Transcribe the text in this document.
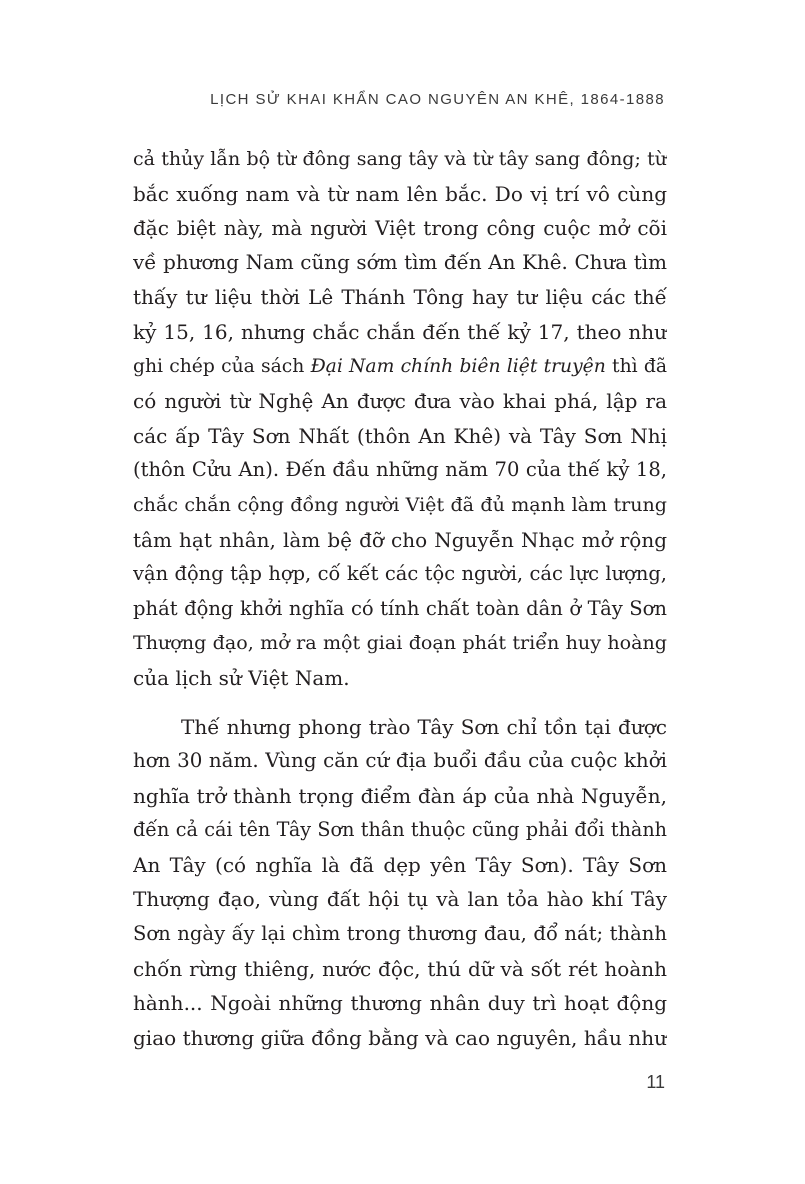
LỊCH SỬ KHAI KHẨN CAO NGUYÊN AN KHÊ, 1864-1888
cả thủy lẫn bộ từ đông sang tây và từ tây sang đông; từ
bắc xuống nam và từ nam lên bắc. Do vị trí vô cùng
đặc biệt này, mà người Việt trong công cuộc mở cõi
về phương Nam cũng sớm tìm đến An Khê. Chưa tìm
thấy tư liệu thời Lê Thánh Tông hay tư liệu các thế
kỷ 15, 16, nhưng chắc chắn đến thế kỷ 17, theo như
ghi chép của sách Đại Nam chính biên liệt truyện thì đã
có người từ Nghệ An được đưa vào khai phá, lập ra
các ấp Tây Sơn Nhất (thôn An Khê) và Tây Sơn Nhị
(thôn Cửu An). Đến đầu những năm 70 của thế kỷ 18,
chắc chắn cộng đồng người Việt đã đủ mạnh làm trung
tâm hạt nhân, làm bệ đỡ cho Nguyễn Nhạc mở rộng
vận động tập hợp, cố kết các tộc người, các lực lượng,
phát động khởi nghĩa có tính chất toàn dân ở Tây Sơn
Thượng đạo, mở ra một giai đoạn phát triển huy hoàng
của lịch sử Việt Nam.
Thế nhưng phong trào Tây Sơn chỉ tồn tại được
hơn 30 năm. Vùng căn cứ địa buổi đầu của cuộc khởi
nghĩa trở thành trọng điểm đàn áp của nhà Nguyễn,
đến cả cái tên Tây Sơn thân thuộc cũng phải đổi thành
An Tây (có nghĩa là đã dẹp yên Tây Sơn). Tây Sơn
Thượng đạo, vùng đất hội tụ và lan tỏa hào khí Tây
Sơn ngày ấy lại chìm trong thương đau, đổ nát; thành
chốn rừng thiêng, nước độc, thú dữ và sốt rét hoành
hành... Ngoài những thương nhân duy trì hoạt động
giao thương giữa đồng bằng và cao nguyên, hầu như
11
